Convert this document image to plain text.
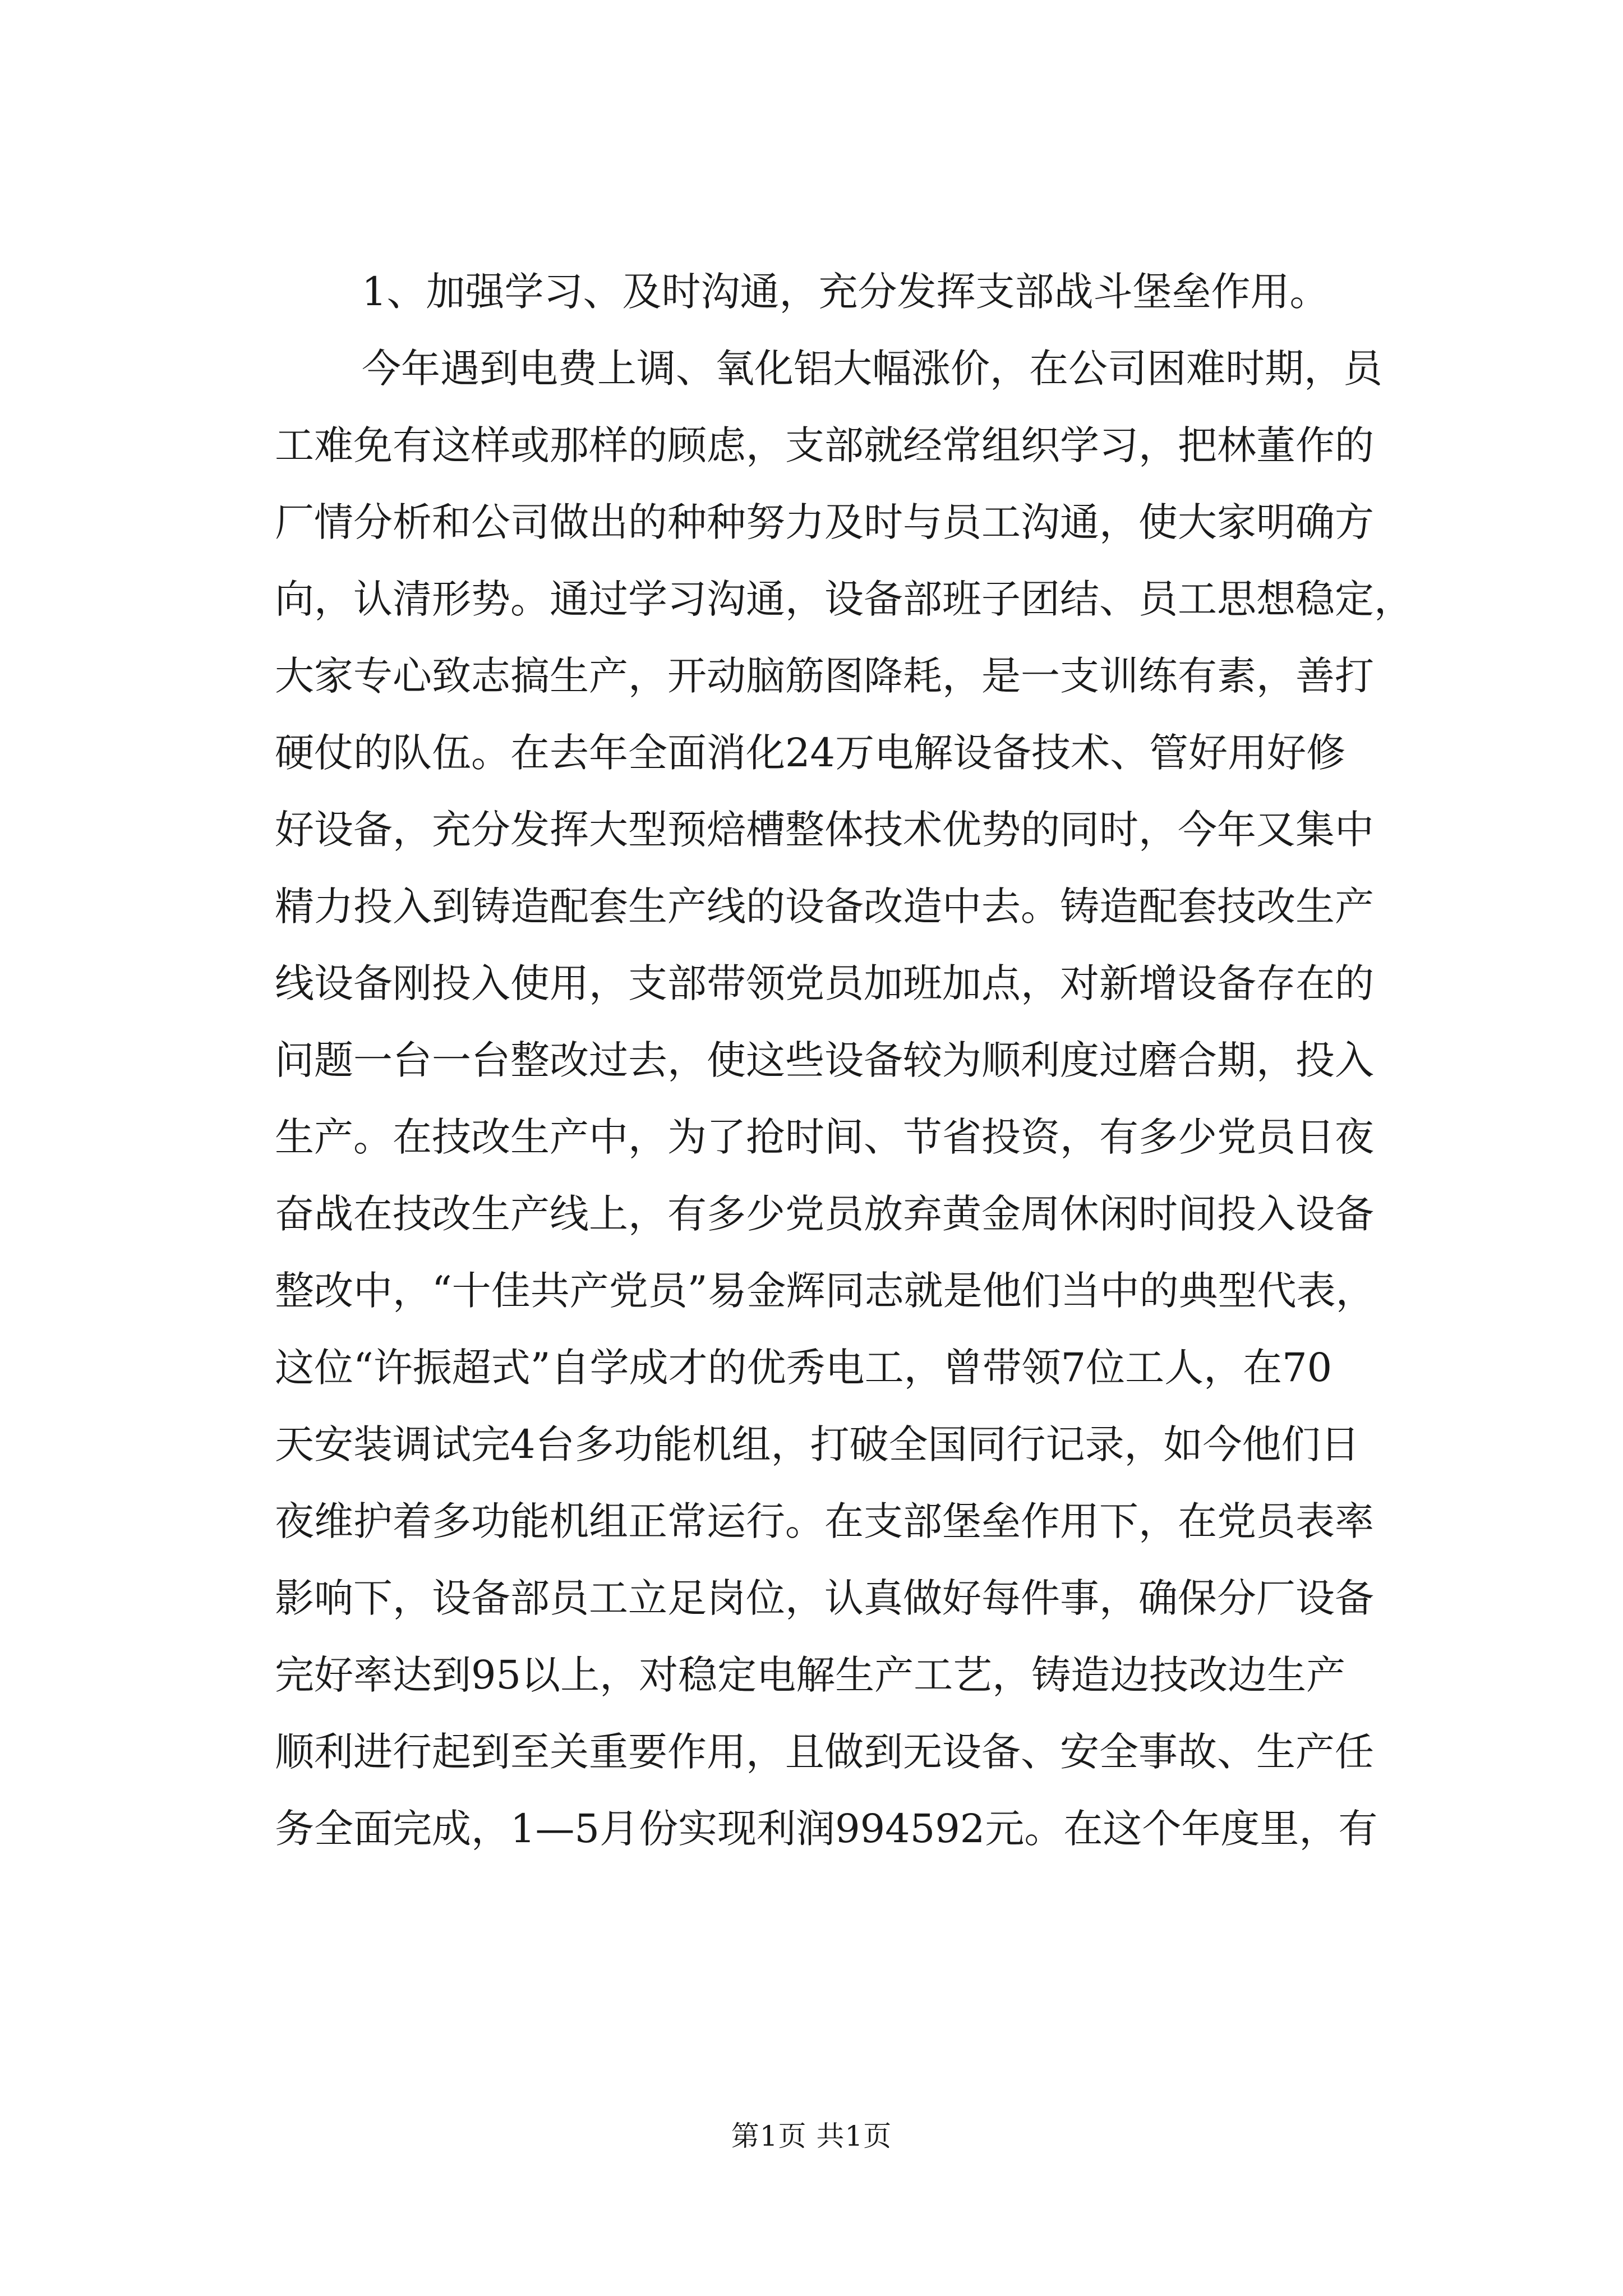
1、加强学习、及时沟通，充分发挥支部战斗堡垒作用。
今年遇到电费上调、氧化铝大幅涨价，在公司困难时期，员
工 难 免 有 这 样 或 那 样 的 顾 虑 ， 支 部 就 经 常 组 织 学 习 ， 把 林 董 作 的
厂 情 分 析 和 公 司 做 出 的 种 种 努 力 及 时 与 员 工 沟 通 ， 使 大 家 明 确 方
向 ， 认 清 形 势 。 通 过 学 习 沟 通 ， 设 备 部 班 子 团 结 、 员 工 思 想 稳 定 ，
大 家 专 心 致 志 搞 生 产 ， 开 动 脑 筋 图 降 耗 ， 是 一 支 训 练 有 素 ， 善 打
硬 仗 的 队 伍 。 在 去 年 全 面 消 化 24 万 电 解 设 备 技 术 、 管 好 用 好 修
好 设 备 ， 充 分 发 挥 大 型 预 焙 槽 整 体 技 术 优 势 的 同 时 ， 今 年 又 集 中
精 力 投 入 到 铸 造 配 套 生 产 线 的 设 备 改 造 中 去 。 铸 造 配 套 技 改 生 产
线 设 备 刚 投 入 使 用 ， 支 部 带 领 党 员 加 班 加 点 ， 对 新 增 设 备 存 在 的
问 题 一 台 一 台 整 改 过 去 ， 使 这 些 设 备 较 为 顺 利 度 过 磨 合 期 ， 投 入
生 产 。 在 技 改 生 产 中 ， 为 了 抢 时 间 、 节 省 投 资 ， 有 多 少 党 员 日 夜
奋 战 在 技 改 生 产 线 上 ， 有 多 少 党 员 放 弃 黄 金 周 休 闲 时 间 投 入 设 备
整 改 中 ， “ 十 佳 共 产 党 员 ” 易 金 辉 同 志 就 是 他 们 当 中 的 典 型 代 表 ，
这 位 “ 许 振 超 式 ” 自 学 成 才 的 优 秀 电 工 ， 曾 带 领 7 位 工 人 ， 在 70
天 安 装 调 试 完 4 台 多 功 能 机 组 ， 打 破 全 国 同 行 记 录 ， 如 今 他 们 日
夜 维 护 着 多 功 能 机 组 正 常 运 行 。 在 支 部 堡 垒 作 用 下 ， 在 党 员 表 率
影 响 下 ， 设 备 部 员 工 立 足 岗 位 ， 认 真 做 好 每 件 事 ， 确 保 分 厂 设 备
完 好 率 达 到 95 以 上 ， 对 稳 定 电 解 生 产 工 艺 ， 铸 造 边 技 改 边 生 产
顺 利 进 行 起 到 至 关 重 要 作 用 ， 且 做 到 无 设 备 、 安 全 事 故 、 生 产 任
务 全 面 完 成 ， 1 — 5 月 份 实 现 利 润 994592 元 。 在 这 个 年 度 里 ， 有
第1页 共1页
